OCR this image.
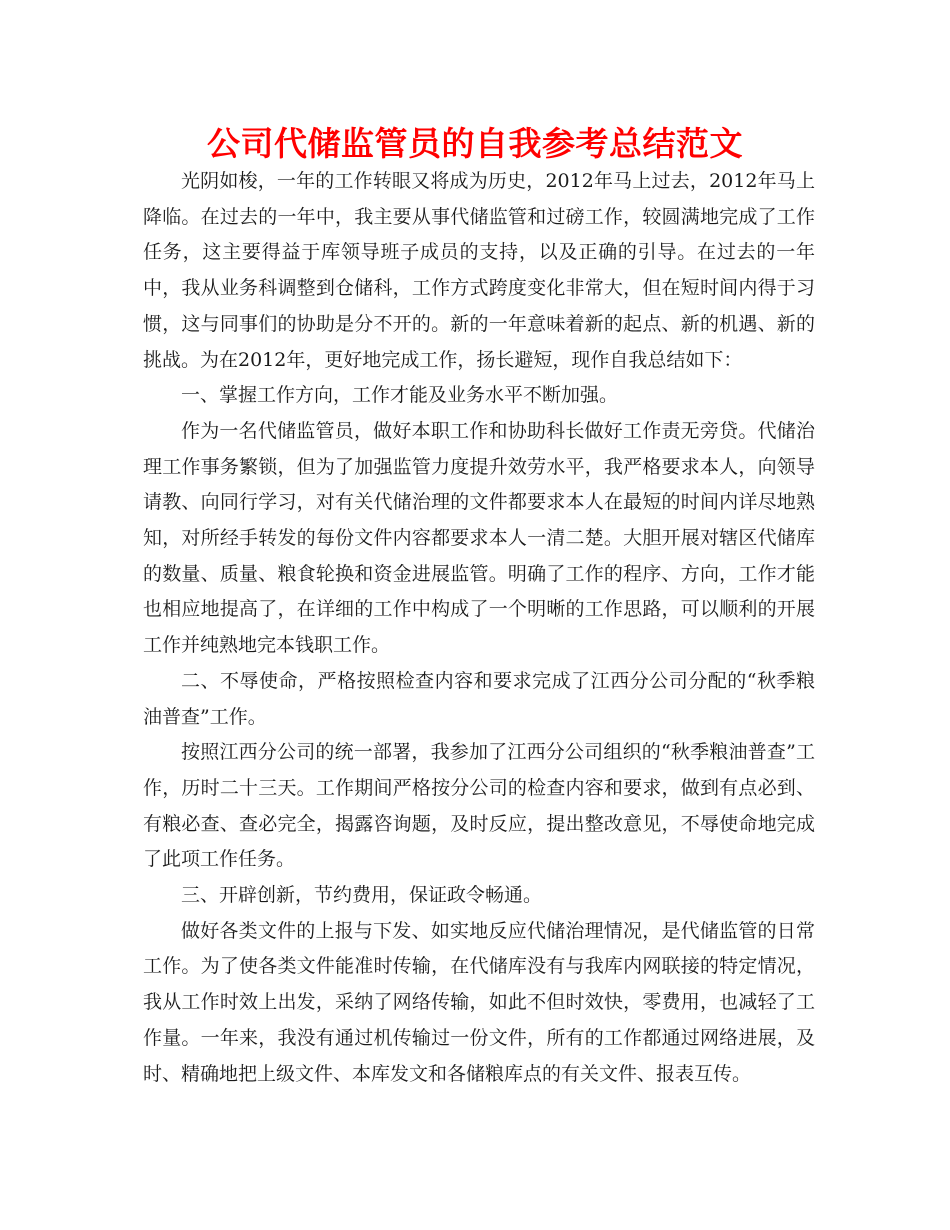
公司代储监管员的自我参考总结范文

光阴如梭，一年的工作转眼又将成为历史，2012年马上过去，2012年马上降临。在过去的一年中，我主要从事代储监管和过磅工作，较圆满地完成了工作任务，这主要得益于库领导班子成员的支持，以及正确的引导。在过去的一年中，我从业务科调整到仓储科，工作方式跨度变化非常大，但在短时间内得于习惯，这与同事们的协助是分不开的。新的一年意味着新的起点、新的机遇、新的挑战。为在2012年，更好地完成工作，扬长避短，现作自我总结如下：

一、掌握工作方向，工作才能及业务水平不断加强。

作为一名代储监管员，做好本职工作和协助科长做好工作责无旁贷。代储治理工作事务繁锁，但为了加强监管力度提升效劳水平，我严格要求本人，向领导请教、向同行学习，对有关代储治理的文件都要求本人在最短的时间内详尽地熟知，对所经手转发的每份文件内容都要求本人一清二楚。大胆开展对辖区代储库的数量、质量、粮食轮换和资金进展监管。明确了工作的程序、方向，工作才能也相应地提高了，在详细的工作中构成了一个明晰的工作思路，可以顺利的开展工作并纯熟地完本钱职工作。

二、不辱使命，严格按照检查内容和要求完成了江西分公司分配的“秋季粮油普查”工作。

按照江西分公司的统一部署，我参加了江西分公司组织的“秋季粮油普查”工作，历时二十三天。工作期间严格按分公司的检查内容和要求，做到有点必到、有粮必查、查必完全，揭露咨询题，及时反应，提出整改意见，不辱使命地完成了此项工作任务。

三、开辟创新，节约费用，保证政令畅通。

做好各类文件的上报与下发、如实地反应代储治理情况，是代储监管的日常工作。为了使各类文件能准时传输，在代储库没有与我库内网联接的特定情况，我从工作时效上出发，采纳了网络传输，如此不但时效快，零费用，也减轻了工作量。一年来，我没有通过机传输过一份文件，所有的工作都通过网络进展，及时、精确地把上级文件、本库发文和各储粮库点的有关文件、报表互传。
